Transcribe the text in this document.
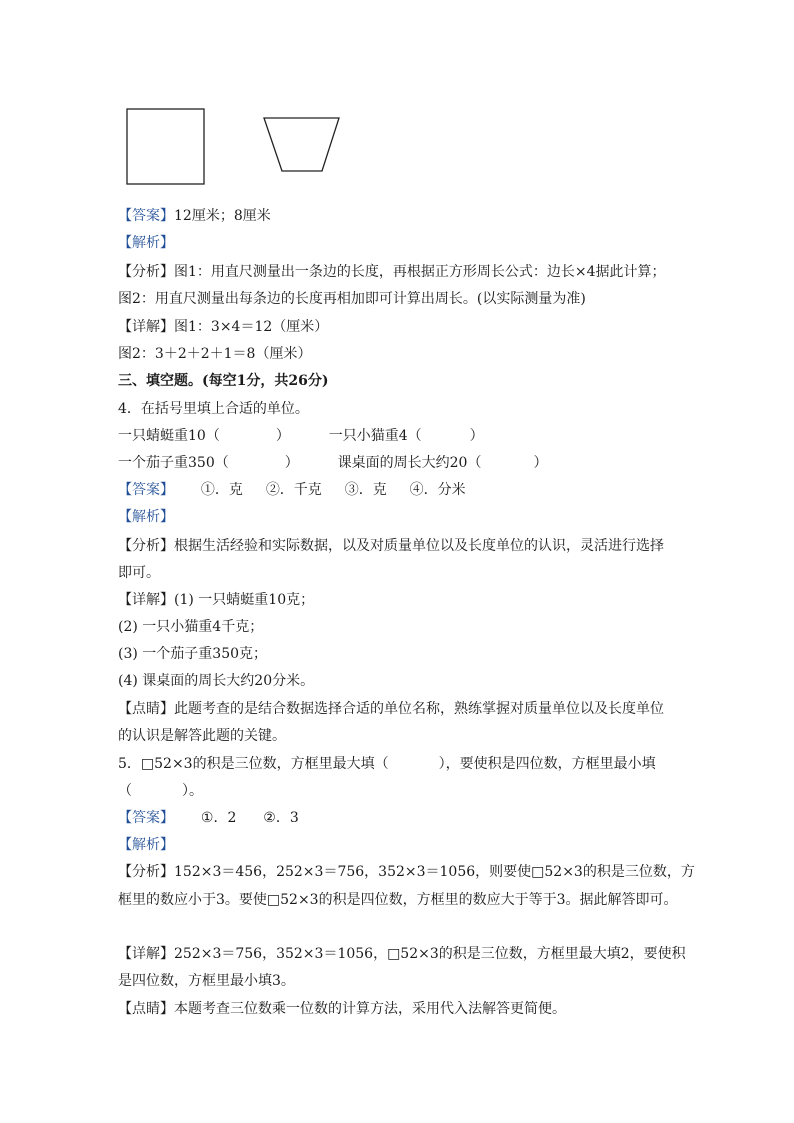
【答案】12厘米；8厘米
【解析】
【分析】图1：用直尺测量出一条边的长度，再根据正方形周长公式：边长×4据此计算；
图2：用直尺测量出每条边的长度再相加即可计算出周长。(以实际测量为准)
【详解】图1：3×4＝12（厘米）
图2：3＋2＋2＋1＝8（厘米）
三、填空题。(每空1分，共26分)
4．在括号里填上合适的单位。
一只蜻蜓重10（	）	一只小猫重4（	）
一个茄子重350（	）	课桌面的周长大约20（	）
【答案】 ①．克 ②．千克 ③．克 ④．分米
【解析】
【分析】根据生活经验和实际数据，以及对质量单位以及长度单位的认识，灵活进行选择
即可。
【详解】(1) 一只蜻蜓重10克；
(2) 一只小猫重4千克；
(3) 一个茄子重350克；
(4) 课桌面的周长大约20分米。
【点睛】此题考查的是结合数据选择合适的单位名称，熟练掌握对质量单位以及长度单位
的认识是解答此题的关键。
5．□52×3的积是三位数，方框里最大填（	），要使积是四位数，方框里最小填
（	）。
【答案】 ①．2 ②．3
【解析】
【分析】152×3＝456，252×3＝756，352×3＝1056，则要使□52×3的积是三位数，方
框里的数应小于3。要使□52×3的积是四位数，方框里的数应大于等于3。据此解答即可。
【详解】252×3＝756，352×3＝1056，□52×3的积是三位数，方框里最大填2，要使积
是四位数，方框里最小填3。
【点睛】本题考查三位数乘一位数的计算方法，采用代入法解答更简便。
